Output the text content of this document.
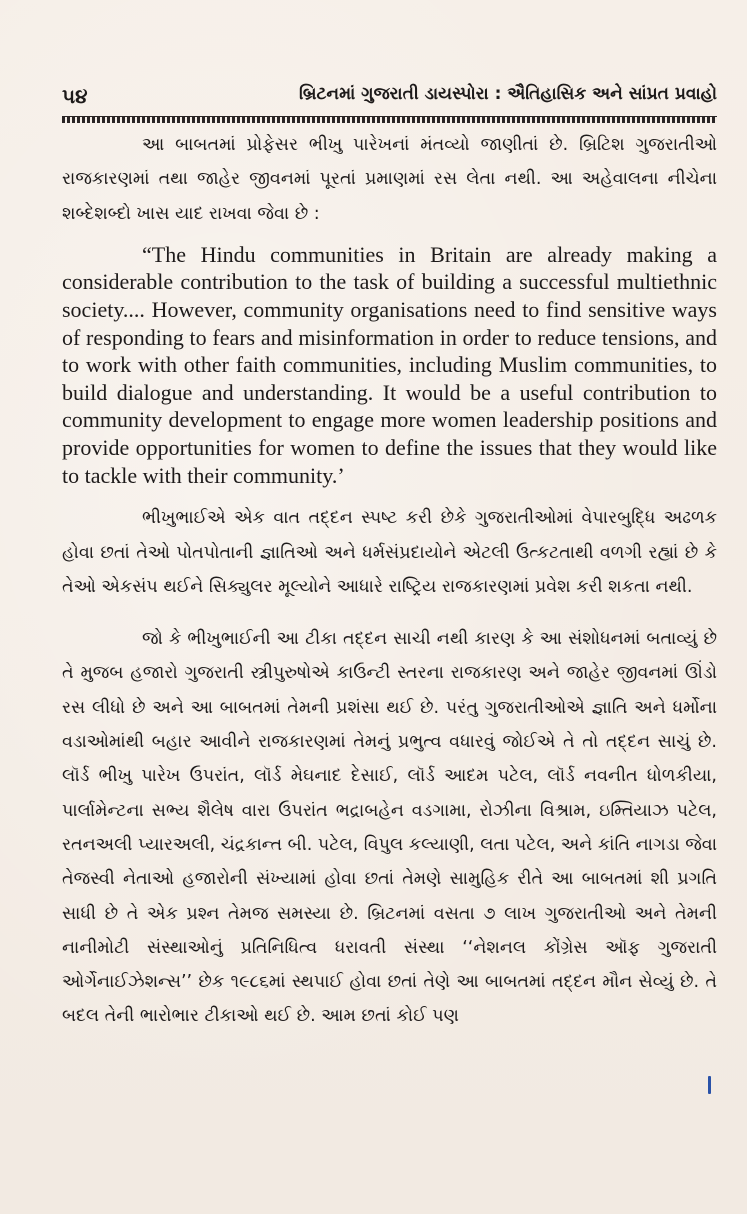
૫૪	બ્રિટનમાં ગુજરાતી ડાયસ્પોરા : ઐતિહાસિક અને સાંપ્રત પ્રવાહો

આ બાબતમાં પ્રોફેસર ભીખુ પારેખનાં મંતવ્યો જાણીતાં છે. બ્રિટિશ ગુજરાતીઓ રાજકારણમાં તથા જાહેર જીવનમાં પૂરતાં પ્રમાણમાં રસ લેતા નથી. આ અહેવાલના નીચેના શબ્દેશબ્દો ખાસ યાદ રાખવા જેવા છે :

“The Hindu communities in Britain are already making a considerable contribution to the task of building a successful multiethnic society.... However, community organisations need to find sensitive ways of responding to fears and misinformation in order to reduce tensions, and to work with other faith communities, including Muslim communities, to build dialogue and understanding. It would be a useful contribution to community development to engage more women leadership positions and provide opportunities for women to define the issues that they would like to tackle with their community.’

ભીખુભાઈએ એક વાત તદ્દન સ્પષ્ટ કરી છેકે ગુજરાતીઓમાં વેપારબુદ્ધિ અઢળક હોવા છતાં તેઓ પોતપોતાની જ્ઞાતિઓ અને ધર્મસંપ્રદાયોને એટલી ઉત્કટતાથી વળગી રહ્યાં છે કે તેઓ એકસંપ થઈને સિક્યુલર મૂલ્યોને આધારે રાષ્ટ્રિય રાજકારણમાં પ્રવેશ કરી શકતા નથી.

જો કે ભીખુભાઈની આ ટીકા તદ્દન સાચી નથી કારણ કે આ સંશોધનમાં બતાવ્યું છે તે મુજબ હજારો ગુજરાતી સ્ત્રીપુરુષોએ કાઉન્ટી સ્તરના રાજકારણ અને જાહેર જીવનમાં ઊંડો રસ લીધો છે અને આ બાબતમાં તેમની પ્રશંસા થઈ છે. પરંતુ ગુજરાતીઓએ જ્ઞાતિ અને ધર્મોના વડાઓમાંથી બહાર આવીને રાજકારણમાં તેમનું પ્રભુત્વ વધારવું જોઈએ તે તો તદ્દન સાચું છે. લૉર્ડ ભીખુ પારેખ ઉપરાંત, લૉર્ડ મેઘનાદ દેસાઈ, લૉર્ડ આદમ પટેલ, લૉર્ડ નવનીત ધોળકીયા, પાર્લામેન્ટના સભ્ય શૈલેષ વારા ઉપરાંત ભદ્રાબહેન વડગામા, રોઝીના વિશ્રામ, ઇમ્તિયાઝ પટેલ, રતનઅલી પ્યારઅલી, ચંદ્રકાન્ત બી. પટેલ, વિપુલ કલ્યાણી, લતા પટેલ, અને કાંતિ નાગડા જેવા તેજસ્વી નેતાઓ હજારોની સંખ્યામાં હોવા છતાં તેમણે સામુહિક રીતે આ બાબતમાં શી પ્રગતિ સાધી છે તે એક પ્રશ્ન તેમજ સમસ્યા છે. બ્રિટનમાં વસતા ૭ લાખ ગુજરાતીઓ અને તેમની નાનીમોટી સંસ્થાઓનું પ્રતિનિધિત્વ ધરાવતી સંસ્થા ‘‘નેશનલ કોંગ્રેસ ઑફ ગુજરાતી ઓર્ગેનાઈઝેશન્સ’’ છેક ૧૯૮૬માં સ્થપાઈ હોવા છતાં તેણે આ બાબતમાં તદ્દન મૌન સેવ્યું છે. તે બદલ તેની ભારોભાર ટીકાઓ થઈ છે. આમ છતાં કોઈ પણ
